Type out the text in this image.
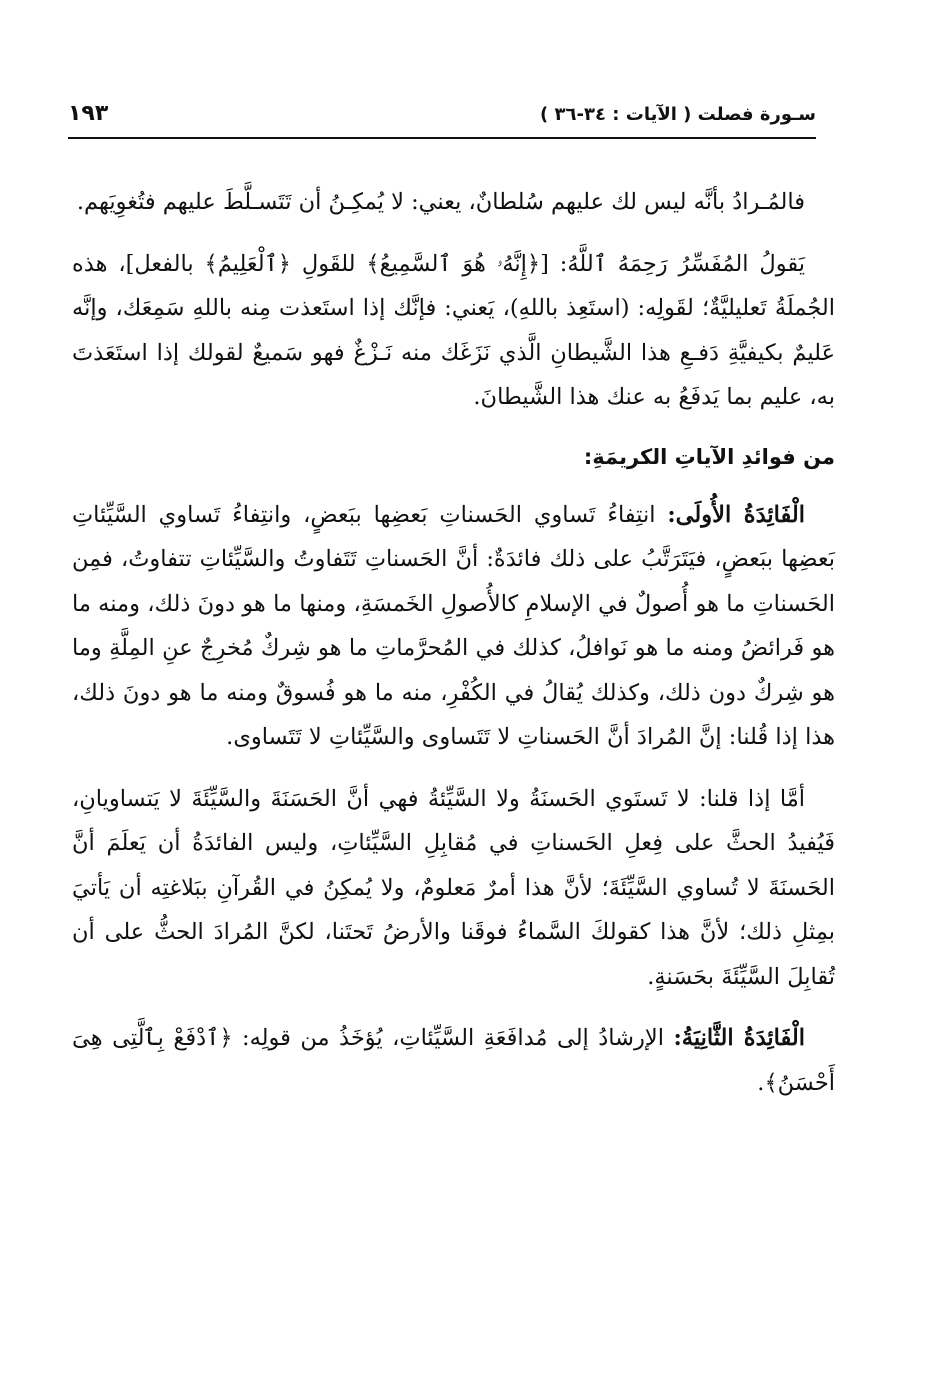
سـورة فصلت ( الآيات : ٣٤-٣٦ )
١٩٣

فالمُـرادُ بأنَّه ليس لك عليهم سُلطانٌ، يعني: لا يُمكِـنُ أن تَتَسـلَّطَ عليهم فتُغوِيَهم.

يَقولُ المُفَسِّرُ رَحِمَهُ ٱللَّهُ: [﴿إِنَّهُۥ هُوَ ٱلسَّمِيعُ﴾ للقَولِ ﴿ٱلْعَلِيمُ﴾ بالفعل]، هذه الجُملَةُ تَعليليَّةٌ؛ لقَولِه: (استَعِذ باللهِ)، يَعني: فإنَّك إذا استَعذت مِنه باللهِ سَمِعَك، وإنَّه عَليمٌ بكيفيَّةِ دَفـعِ هذا الشَّيطانِ الَّذي نَزَغَك منه نَـزْغٌ فهو سَميعٌ لقولك إذا استَعَذتَ به، عليم بما يَدفَعُ به عنك هذا الشَّيطانَ.

من فوائدِ الآياتِ الكريمَةِ:

الْفَائِدَةُ الأُولَى: انتِفاءُ تَساوي الحَسناتِ بَعضِها ببَعضٍ، وانتِفاءُ تَساوي السَّيِّئاتِ بَعضِها ببَعضٍ، فيَتَرَتَّبُ على ذلك فائدَةٌ: أنَّ الحَسناتِ تَتَفاوتُ والسَّيِّئاتِ تتفاوتُ، فمِن الحَسناتِ ما هو أُصولٌ في الإسلامِ كالأُصولِ الخَمسَةِ، ومنها ما هو دونَ ذلك، ومنه ما هو فَرائضُ ومنه ما هو نَوافلُ، كذلك في المُحرَّماتِ ما هو شِركٌ مُخرِجٌ عنِ المِلَّةِ وما هو شِركٌ دون ذلك، وكذلك يُقالُ في الكُفْرِ، منه ما هو فُسوقٌ ومنه ما هو دونَ ذلك، هذا إذا قُلنا: إنَّ المُرادَ أنَّ الحَسناتِ لا تَتَساوى والسَّيِّئاتِ لا تَتَساوى.

أمَّا إذا قلنا: لا تَستَوي الحَسنَةُ ولا السَّيِّئةُ فهي أنَّ الحَسَنَةَ والسَّيِّئَةَ لا يَتساويانِ، فَيُفيدُ الحثَّ على فِعلِ الحَسناتِ في مُقابِلِ السَّيِّئاتِ، وليس الفائدَةُ أن يَعلَمَ أنَّ الحَسنَةَ لا تُساوي السَّيِّئَةَ؛ لأنَّ هذا أمرٌ مَعلومٌ، ولا يُمكِنُ في القُرآنِ ببَلاغتِه أن يَأتيَ بمِثلِ ذلك؛ لأنَّ هذا كقولكَ السَّماءُ فوقَنا والأرضُ تَحتَنا، لكنَّ المُرادَ الحثُّ على أن تُقابِلَ السَّيِّئَةَ بحَسَنةٍ.

الْفَائِدَةُ الثَّانِيَةُ: الإرشادُ إلى مُدافَعَةِ السَّيِّئاتِ، يُؤخَذُ من قولِه: ﴿ٱدْفَعْ بِٱلَّتِى هِىَ أَحْسَنُ﴾.
